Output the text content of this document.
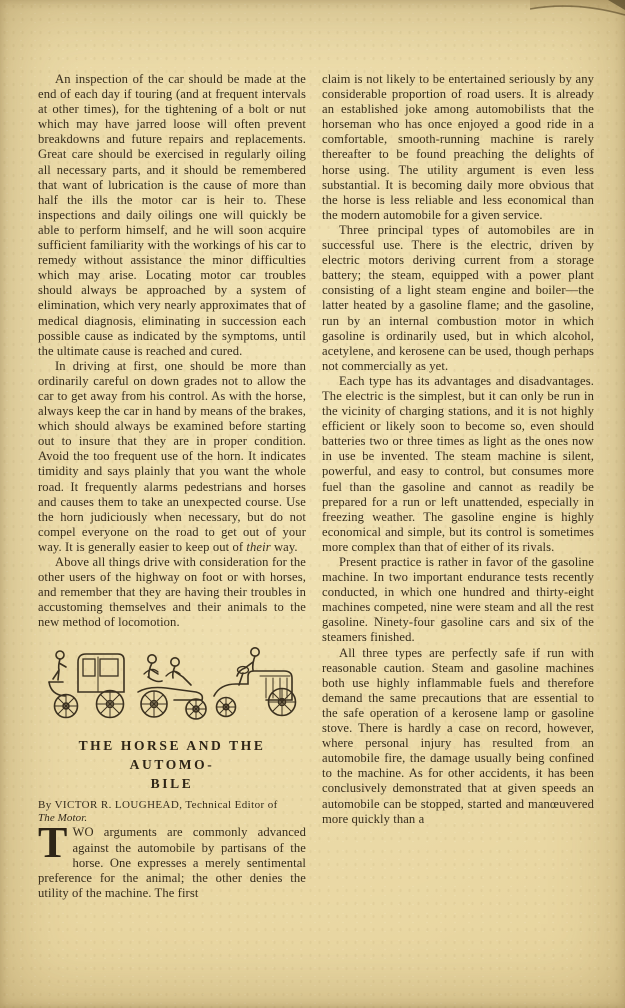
An inspection of the car should be made at the end of each day if touring (and at frequent intervals at other times), for the tightening of a bolt or nut which may have jarred loose will often prevent breakdowns and future repairs and replacements. Great care should be exercised in regularly oiling all necessary parts, and it should be remembered that want of lubrication is the cause of more than half the ills the motor car is heir to. These inspections and daily oilings one will quickly be able to perform himself, and he will soon acquire sufficient familiarity with the workings of his car to remedy without assistance the minor difficulties which may arise. Locating motor car troubles should always be approached by a system of elimination, which very nearly approximates that of medical diagnosis, eliminating in succession each possible cause as indicated by the symptoms, until the ultimate cause is reached and cured.

In driving at first, one should be more than ordinarily careful on down grades not to allow the car to get away from his control. As with the horse, always keep the car in hand by means of the brakes, which should always be examined before starting out to insure that they are in proper condition. Avoid the too frequent use of the horn. It indicates timidity and says plainly that you want the whole road. It frequently alarms pedestrians and horses and causes them to take an unexpected course. Use the horn judiciously when necessary, but do not compel everyone on the road to get out of your way. It is generally easier to keep out of their way.

Above all things drive with consideration for the other users of the highway on foot or with horses, and remember that they are having their troubles in accustoming themselves and their animals to the new method of locomotion.

THE HORSE AND THE AUTOMO-
BILE

By VICTOR R. LOUGHEAD, Technical Editor of

The Motor.

TWO arguments are commonly advanced against the automobile by partisans of the horse. One expresses a merely sentimental preference for the animal; the other denies the utility of the machine. The first

claim is not likely to be entertained seriously by any considerable proportion of road users. It is already an established joke among automobilists that the horseman who has once enjoyed a good ride in a comfortable, smooth-running machine is rarely thereafter to be found preaching the delights of horse using. The utility argument is even less substantial. It is becoming daily more obvious that the horse is less reliable and less economical than the modern automobile for a given service.

Three principal types of automobiles are in successful use. There is the electric, driven by electric motors deriving current from a storage battery; the steam, equipped with a power plant consisting of a light steam engine and boiler—the latter heated by a gasoline flame; and the gasoline, run by an internal combustion motor in which gasoline is ordinarily used, but in which alcohol, acetylene, and kerosene can be used, though perhaps not commercially as yet.

Each type has its advantages and disadvantages. The electric is the simplest, but it can only be run in the vicinity of charging stations, and it is not highly efficient or likely soon to become so, even should batteries two or three times as light as the ones now in use be invented. The steam machine is silent, powerful, and easy to control, but consumes more fuel than the gasoline and cannot as readily be prepared for a run or left unattended, especially in freezing weather. The gasoline engine is highly economical and simple, but its control is sometimes more complex than that of either of its rivals.

Present practice is rather in favor of the gasoline machine. In two important endurance tests recently conducted, in which one hundred and thirty-eight machines competed, nine were steam and all the rest gasoline. Ninety-four gasoline cars and six of the steamers finished.

All three types are perfectly safe if run with reasonable caution. Steam and gasoline machines both use highly inflammable fuels and therefore demand the same precautions that are essential to the safe operation of a kerosene lamp or gasoline stove. There is hardly a case on record, however, where personal injury has resulted from an automobile fire, the damage usually being confined to the machine. As for other accidents, it has been conclusively demonstrated that at given speeds an automobile can be stopped, started and manœuvered more quickly than a
